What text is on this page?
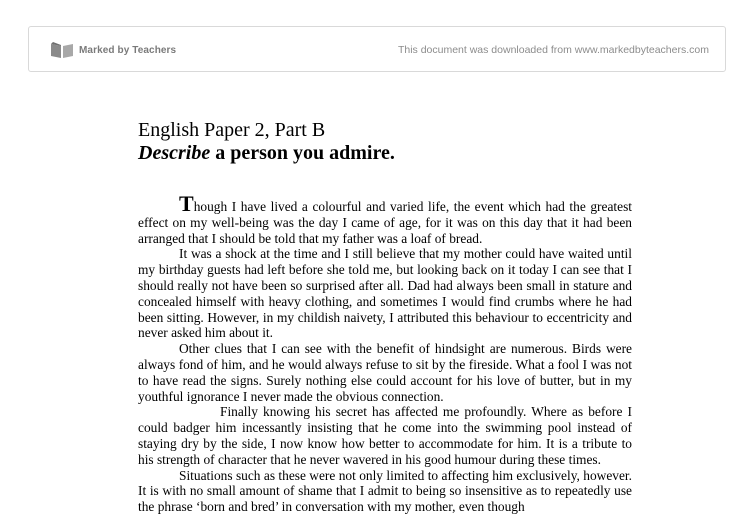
Marked by Teachers	This document was downloaded from www.markedbyteachers.com
English Paper 2, Part B
Describe a person you admire.

Though I have lived a colourful and varied life, the event which had the greatest effect on my well-being was the day I came of age, for it was on this day that it had been arranged that I should be told that my father was a loaf of bread.

It was a shock at the time and I still believe that my mother could have waited until my birthday guests had left before she told me, but looking back on it today I can see that I should really not have been so surprised after all. Dad had always been small in stature and concealed himself with heavy clothing, and sometimes I would find crumbs where he had been sitting. However, in my childish naivety, I attributed this behaviour to eccentricity and never asked him about it.

Other clues that I can see with the benefit of hindsight are numerous. Birds were always fond of him, and he would always refuse to sit by the fireside. What a fool I was not to have read the signs. Surely nothing else could account for his love of butter, but in my youthful ignorance I never made the obvious connection.

Finally knowing his secret has affected me profoundly. Where as before I could badger him incessantly insisting that he come into the swimming pool instead of staying dry by the side, I now know how better to accommodate for him. It is a tribute to his strength of character that he never wavered in his good humour during these times.

Situations such as these were not only limited to affecting him exclusively, however. It is with no small amount of shame that I admit to being so insensitive as to repeatedly use the phrase ‘born and bred’ in conversation with my mother, even though
